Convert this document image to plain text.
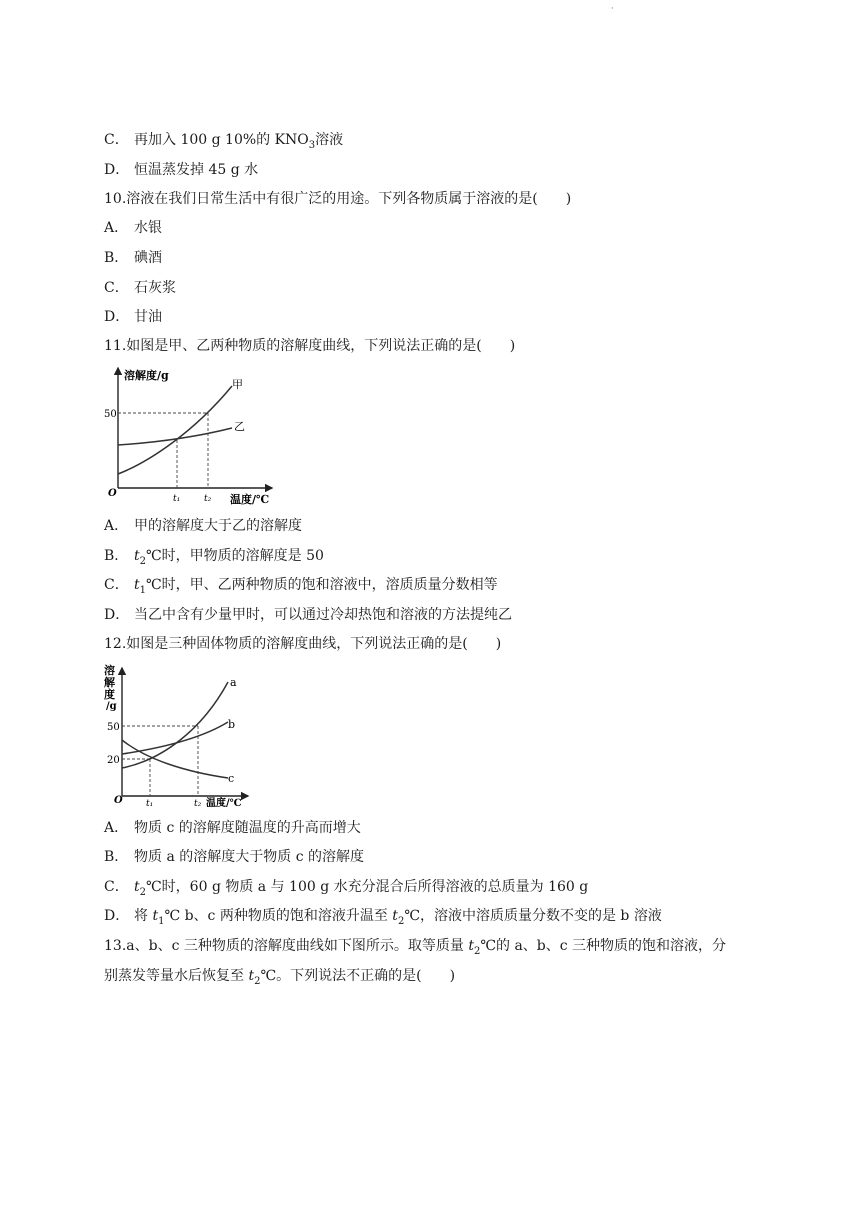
·
C． 再加入 100 g 10%的 $KNO_3$溶液
D． 恒温蒸发掉 45 g 水
10.溶液在我们日常生活中有很广泛的用途。下列各物质属于溶液的是(　　)
A． 水银
B． 碘酒
C． 石灰浆
D． 甘油
11.如图是甲、乙两种物质的溶解度曲线，下列说法正确的是(　　)
溶解度/g
50
O	t₁	t₂ 温度/℃
甲
乙
A． 甲的溶解度大于乙的溶解度
B． $t_2℃$时，甲物质的溶解度是 50
C． $t_1℃$时，甲、乙两种物质的饱和溶液中，溶质质量分数相等
D． 当乙中含有少量甲时，可以通过冷却热饱和溶液的方法提纯乙
12.如图是三种固体物质的溶解度曲线，下列说法正确的是(　　)
溶
解
度
/g
50
20
O	t₁	t₂ 温度/℃
a
b
c
A． 物质 c 的溶解度随温度的升高而增大
B． 物质 a 的溶解度大于物质 c 的溶解度
C． $t_2℃$时，60 g 物质 a 与 100 g 水充分混合后所得溶液的总质量为 160 g
D． 将 $t_1℃$ b、c 两种物质的饱和溶液升温至 $t_2℃$，溶液中溶质质量分数不变的是 b 溶液
13.a、b、c 三种物质的溶解度曲线如下图所示。取等质量 $t_2℃$的 a、b、c 三种物质的饱和溶液，分
别蒸发等量水后恢复至 $t_2℃$。下列说法不正确的是(　　)
